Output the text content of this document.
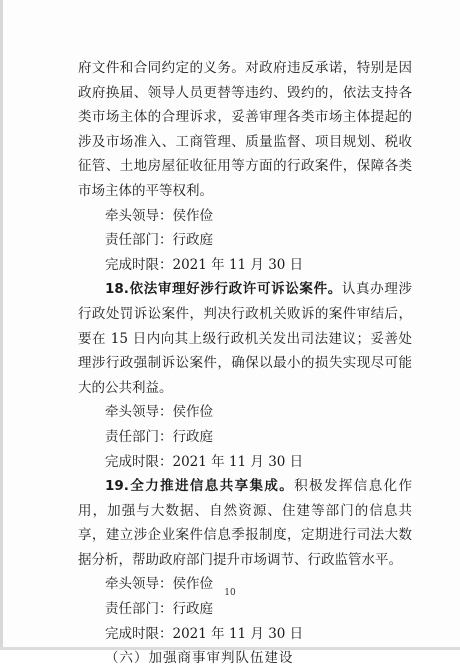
府文件和合同约定的义务。对政府违反承诺，特别是因政府换届、领导人员更替等违约、毁约的，依法支持各类市场主体的合理诉求，妥善审理各类市场主体提起的涉及市场准入、工商管理、质量监督、项目规划、税收征管、土地房屋征收征用等方面的行政案件，保障各类市场主体的平等权利。

牵头领导：侯作俭

责任部门：行政庭

完成时限：2021 年 11 月 30 日

18.依法审理好涉行政许可诉讼案件。认真办理涉行政处罚诉讼案件，判决行政机关败诉的案件审结后，要在 15 日内向其上级行政机关发出司法建议；妥善处理涉行政强制诉讼案件，确保以最小的损失实现尽可能大的公共利益。

牵头领导：侯作俭

责任部门：行政庭

完成时限：2021 年 11 月 30 日

19.全力推进信息共享集成。积极发挥信息化作用，加强与大数据、自然资源、住建等部门的信息共享，建立涉企业案件信息季报制度，定期进行司法大数据分析，帮助政府部门提升市场调节、行政监管水平。

牵头领导：侯作俭

责任部门：行政庭

完成时限：2021 年 11 月 30 日

（六）加强商事审判队伍建设

10
